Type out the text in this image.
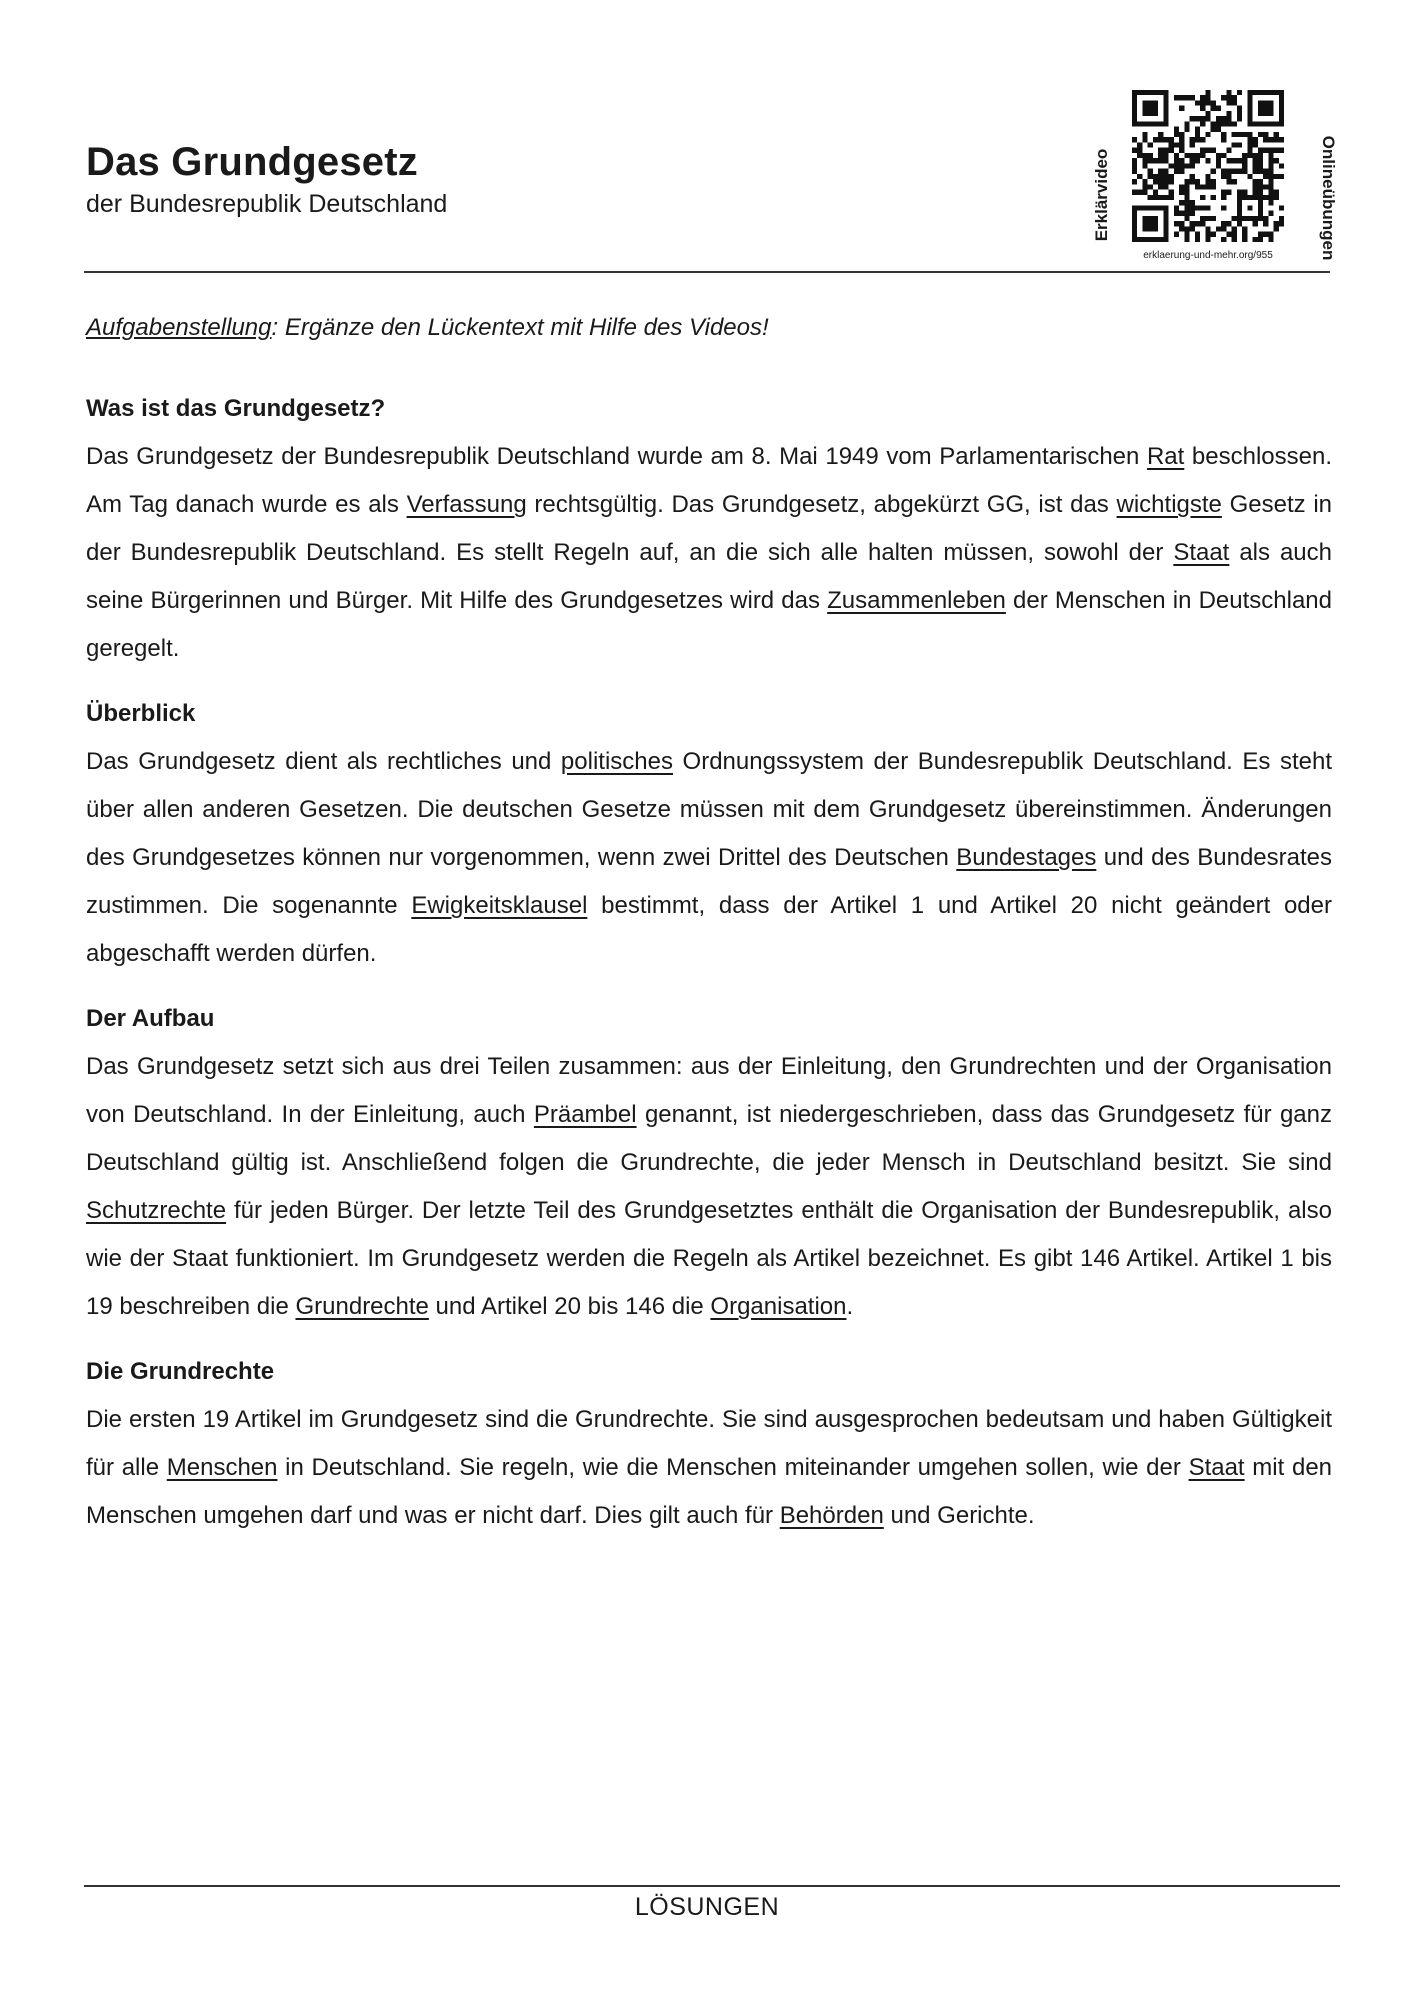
Das Grundgesetz
der Bundesrepublik Deutschland	Erklärvideo	Onlineübungen
erklaerung-und-mehr.org/955

Aufgabenstellung: Ergänze den Lückentext mit Hilfe des Videos!

Was ist das Grundgesetz?

Das Grundgesetz der Bundesrepublik Deutschland wurde am 8. Mai 1949 vom Parlamentarischen Rat beschlossen. Am Tag danach wurde es als Verfassung rechtsgültig. Das Grundgesetz, abgekürzt GG, ist das wichtigste Gesetz in der Bundesrepublik Deutschland. Es stellt Regeln auf, an die sich alle halten müssen, sowohl der Staat als auch seine Bürgerinnen und Bürger. Mit Hilfe des Grundgesetzes wird das Zusammenleben der Menschen in Deutschland geregelt.

Überblick

Das Grundgesetz dient als rechtliches und politisches Ordnungssystem der Bundesrepublik Deutschland. Es steht über allen anderen Gesetzen. Die deutschen Gesetze müssen mit dem Grundgesetz übereinstimmen. Änderungen des Grundgesetzes können nur vorgenommen, wenn zwei Drittel des Deutschen Bundestages und des Bundesrates zustimmen. Die sogenannte Ewigkeitsklausel bestimmt, dass der Artikel 1 und Artikel 20 nicht geändert oder abgeschafft werden dürfen.

Der Aufbau

Das Grundgesetz setzt sich aus drei Teilen zusammen: aus der Einleitung, den Grundrechten und der Organisation von Deutschland. In der Einleitung, auch Präambel genannt, ist niedergeschrieben, dass das Grundgesetz für ganz Deutschland gültig ist. Anschließend folgen die Grundrechte, die jeder Mensch in Deutschland besitzt. Sie sind Schutzrechte für jeden Bürger. Der letzte Teil des Grundgesetztes enthält die Organisation der Bundesrepublik, also wie der Staat funktioniert. Im Grundgesetz werden die Regeln als Artikel bezeichnet. Es gibt 146 Artikel. Artikel 1 bis 19 beschreiben die Grundrechte und Artikel 20 bis 146 die Organisation.

Die Grundrechte

Die ersten 19 Artikel im Grundgesetz sind die Grundrechte. Sie sind ausgesprochen bedeutsam und haben Gültigkeit für alle Menschen in Deutschland. Sie regeln, wie die Menschen miteinander umgehen sollen, wie der Staat mit den Menschen umgehen darf und was er nicht darf. Dies gilt auch für Behörden und Gerichte.

LÖSUNGEN
